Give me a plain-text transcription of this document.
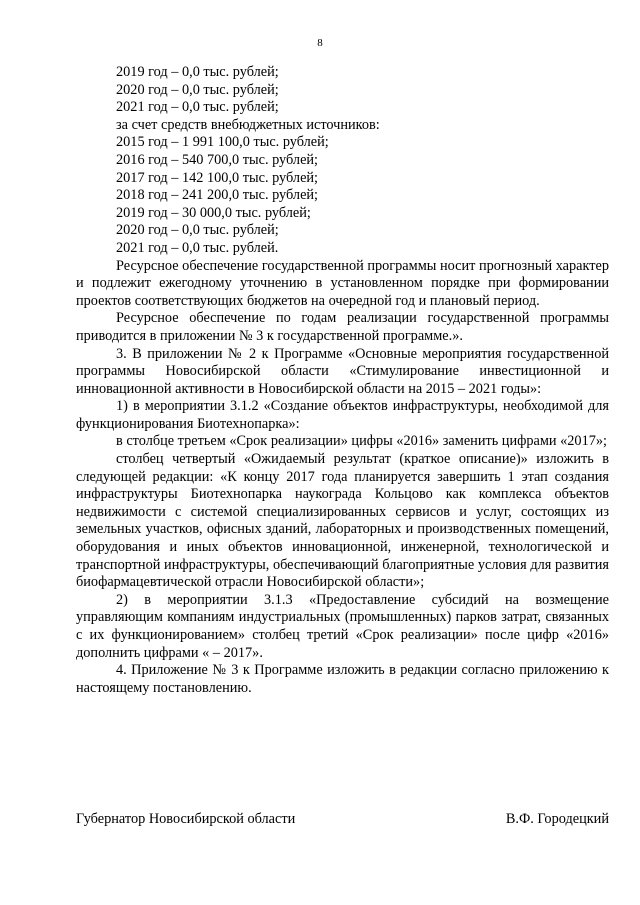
8
2019 год – 0,0 тыс. рублей;
2020 год – 0,0 тыс. рублей;
2021 год – 0,0 тыс. рублей;
за счет средств внебюджетных источников:
2015 год – 1 991 100,0 тыс. рублей;
2016 год – 540 700,0 тыс. рублей;
2017 год – 142 100,0 тыс. рублей;
2018 год – 241 200,0 тыс. рублей;
2019 год – 30 000,0 тыс. рублей;
2020 год – 0,0 тыс. рублей;
2021 год – 0,0 тыс. рублей.

Ресурсное обеспечение государственной программы носит прогнозный характер и подлежит ежегодному уточнению в установленном порядке при формировании проектов соответствующих бюджетов на очередной год и плановый период.

Ресурсное обеспечение по годам реализации государственной программы приводится в приложении № 3 к государственной программе.».

3. В приложении № 2 к Программе «Основные мероприятия государственной программы Новосибирской области «Стимулирование инвестиционной и инновационной активности в Новосибирской области на 2015 – 2021 годы»:

1) в мероприятии 3.1.2 «Создание объектов инфраструктуры, необходимой для функционирования Биотехнопарка»:

в столбце третьем «Срок реализации» цифры «2016» заменить цифрами «2017»;

столбец четвертый «Ожидаемый результат (краткое описание)» изложить в следующей редакции: «К концу 2017 года планируется завершить 1 этап создания инфраструктуры Биотехнопарка наукограда Кольцово как комплекса объектов недвижимости с системой специализированных сервисов и услуг, состоящих из земельных участков, офисных зданий, лабораторных и производственных помещений, оборудования и иных объектов инновационной, инженерной, технологической и транспортной инфраструктуры, обеспечивающий благоприятные условия для развития биофармацевтической отрасли Новосибирской области»;

2) в мероприятии 3.1.3 «Предоставление субсидий на возмещение управляющим компаниям индустриальных (промышленных) парков затрат, связанных с их функционированием» столбец третий «Срок реализации» после цифр «2016» дополнить цифрами « – 2017».

4. Приложение № 3 к Программе изложить в редакции согласно приложению к настоящему постановлению.

Губернатор Новосибирской области	В.Ф. Городецкий
